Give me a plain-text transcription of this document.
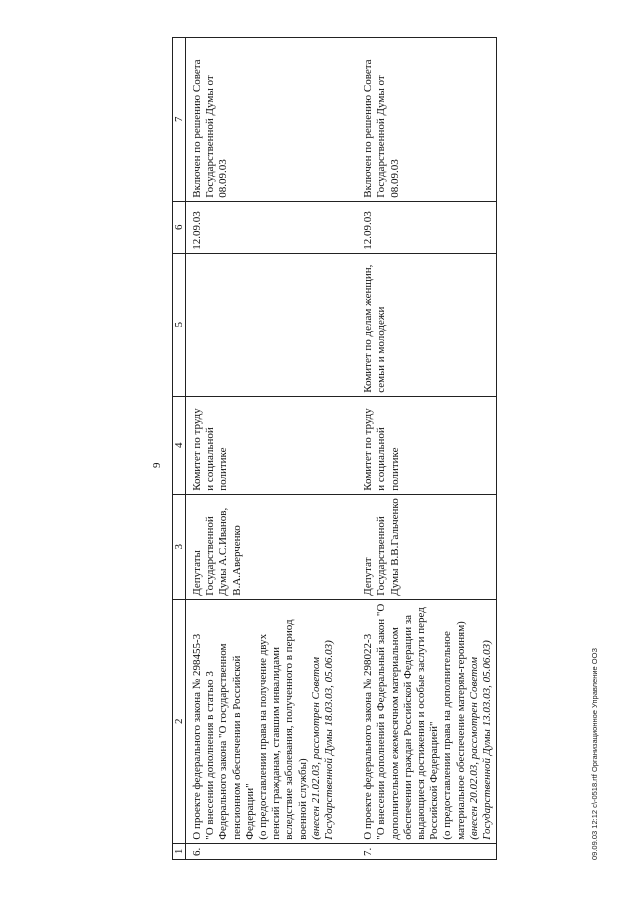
9
1	2	3	4	5	6	7
6.	О проекте федерального закона № 298455-3 "О внесении дополнения в статью 3 Федерального закона "О государственном пенсионном обеспечении в Российской Федерации" (о предоставлении права на получение двух пенсий гражданам, ставшим инвалидами вследствие заболевания, полученного в период военной службы) (внесен 21.02.03, рассмотрен Советом Государственной Думы 18.03.03, 05.06.03)	Депутаты Государственной Думы А.С.Иванов, В.А.Аверченко	Комитет по труду и социальной политике		12.09.03	Включен по решению Совета Государственной Думы от 08.09.03
7.	О проекте федерального закона № 298022-3 "О внесении дополнений в Федеральный закон "О дополнительном ежемесячном материальном обеспечении граждан Российской Федерации за выдающиеся достижения и особые заслуги перед Российской Федерацией" (о предоставлении права на дополнительное материальное обеспечение матерям-героиням) (внесен 20.02.03, рассмотрен Советом Государственной Думы 13.03.03, 05.06.03)	Депутат Государственной Думы В.В.Гальченко	Комитет по труду и социальной политике	Комитет по делам женщин, семьи и молодежи	12.09.03	Включен по решению Совета Государственной Думы от 08.09.03
09.09.03 12:12 c\-0518.rtf Организационное Управление ООЗ
